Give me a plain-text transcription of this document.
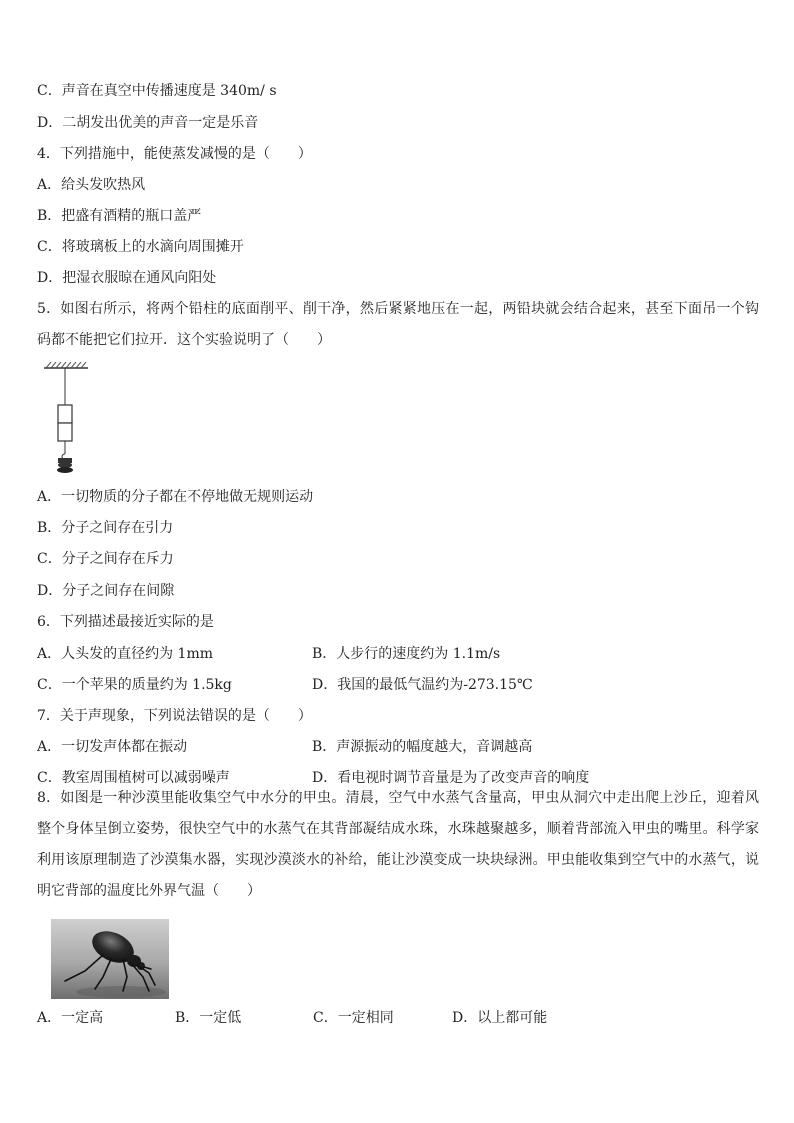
C．声音在真空中传播速度是 340m/ s
D．二胡发出优美的声音一定是乐音
4．下列措施中，能使蒸发减慢的是（　　）
A．给头发吹热风
B．把盛有酒精的瓶口盖严
C．将玻璃板上的水滴向周围摊开
D．把湿衣服晾在通风向阳处
5．如图右所示，将两个铅柱的底面削平、削干净，然后紧紧地压在一起，两铅块就会结合起来，甚至下面吊一个钩码都不能把它们拉开．这个实验说明了（　　）
A．一切物质的分子都在不停地做无规则运动
B．分子之间存在引力
C．分子之间存在斥力
D．分子之间存在间隙
6．下列描述最接近实际的是
A．人头发的直径约为 1mm	B．人步行的速度约为 1.1m/s
C．一个苹果的质量约为 1.5kg	D．我国的最低气温约为-273.15℃
7．关于声现象，下列说法错误的是（　　）
A．一切发声体都在振动	B．声源振动的幅度越大，音调越高
C．教室周围植树可以减弱噪声	D．看电视时调节音量是为了改变声音的响度
8．如图是一种沙漠里能收集空气中水分的甲虫。清晨，空气中水蒸气含量高，甲虫从洞穴中走出爬上沙丘，迎着风整个身体呈倒立姿势，很快空气中的水蒸气在其背部凝结成水珠，水珠越聚越多，顺着背部流入甲虫的嘴里。科学家利用该原理制造了沙漠集水器，实现沙漠淡水的补给，能让沙漠变成一块块绿洲。甲虫能收集到空气中的水蒸气，说明它背部的温度比外界气温（　　）
A．一定高	B．一定低	C．一定相同	D．以上都可能
